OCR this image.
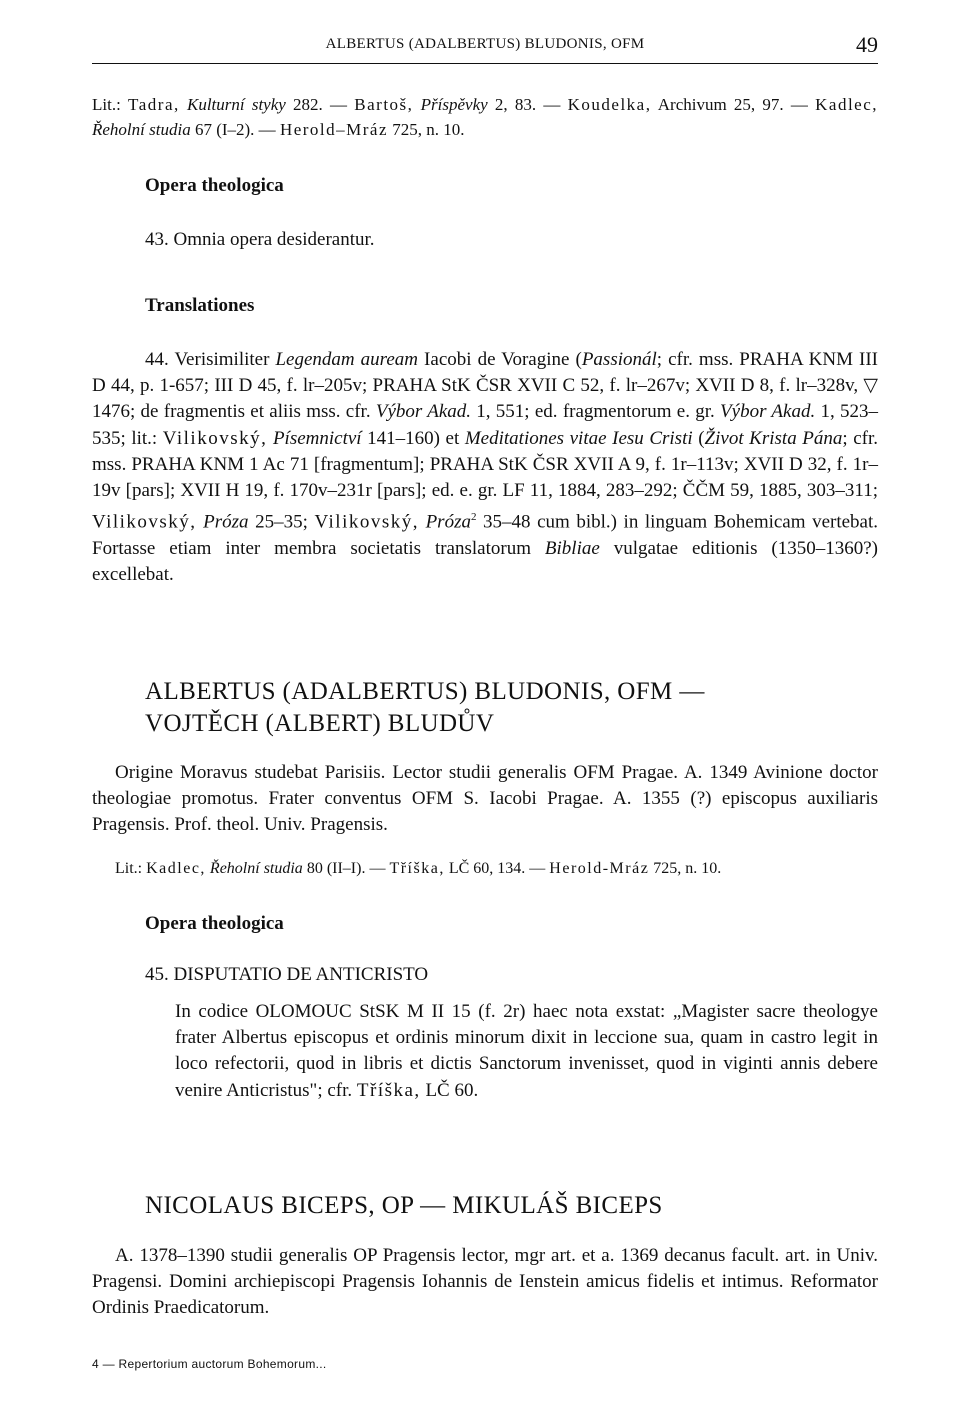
ALBERTUS (ADALBERTUS) BLUDONIS, OFM	49

Lit.: Tadra, Kulturní styky 282. — Bartoš, Příspěvky 2, 83. — Koudelka, Archivum 25, 97. — Kadlec, Řeholní studia 67 (I–2). — Herold–Mráz 725, n. 10.

Opera theologica
43. Omnia opera desiderantur.
Translationes

44. Verisimiliter Legendam auream Iacobi de Voragine (Passionál; cfr. mss. PRAHA KNM III D 44, p. 1-657; III D 45, f. lr–205v; PRAHA StK ČSR XVII C 52, f. lr–267v; XVII D 8, f. lr–328v, ▽ 1476; de fragmentis et aliis mss. cfr. Výbor Akad. 1, 551; ed. fragmentorum e. gr. Výbor Akad. 1, 523–535; lit.: Vilikovský, Písemnictví 141–160) et Meditationes vitae Iesu Cristi (Život Krista Pána; cfr. mss. PRAHA KNM 1 Ac 71 [fragmentum]; PRAHA StK ČSR XVII A 9, f. 1r–113v; XVII D 32, f. 1r–19v [pars]; XVII H 19, f. 170v–231r [pars]; ed. e. gr. LF 11, 1884, 283–292; ČČM 59, 1885, 303–311; Vilikovský, Próza 25–35; Vilikovský, Próza$^2$ 35–48 cum bibl.) in linguam Bohemicam vertebat. Fortasse etiam inter membra societatis translatorum Bibliae vulgatae editionis (1350–1360?) excellebat.

ALBERTUS (ADALBERTUS) BLUDONIS, OFM —
VOJTĚCH (ALBERT) BLUDŮV

Origine Moravus studebat Parisiis. Lector studii generalis OFM Pragae. A. 1349 Avinione doctor theologiae promotus. Frater conventus OFM S. Iacobi Pragae. A. 1355 (?) episcopus auxiliaris Pragensis. Prof. theol. Univ. Pragensis.

Lit.: Kadlec, Řeholní studia 80 (II–I). — Tříška, LČ 60, 134. — Herold-Mráz 725, n. 10.

Opera theologica
45. DISPUTATIO DE ANTICRISTO

In codice OLOMOUC StSK M II 15 (f. 2r) haec nota exstat: „Magister sacre theologye frater Albertus episcopus et ordinis minorum dixit in leccione sua, quam in castro legit in loco refectorii, quod in libris et dictis Sanctorum invenisset, quod in viginti annis debere venire Anticristus"; cfr. Tříška, LČ 60.

NICOLAUS BICEPS, OP — MIKULÁŠ BICEPS

A. 1378–1390 studii generalis OP Pragensis lector, mgr art. et a. 1369 decanus facult. art. in Univ. Pragensi. Domini archiepiscopi Pragensis Iohannis de Ienstein amicus fidelis et intimus. Reformator Ordinis Praedicatorum.

4 — Repertorium auctorum Bohemorum...
